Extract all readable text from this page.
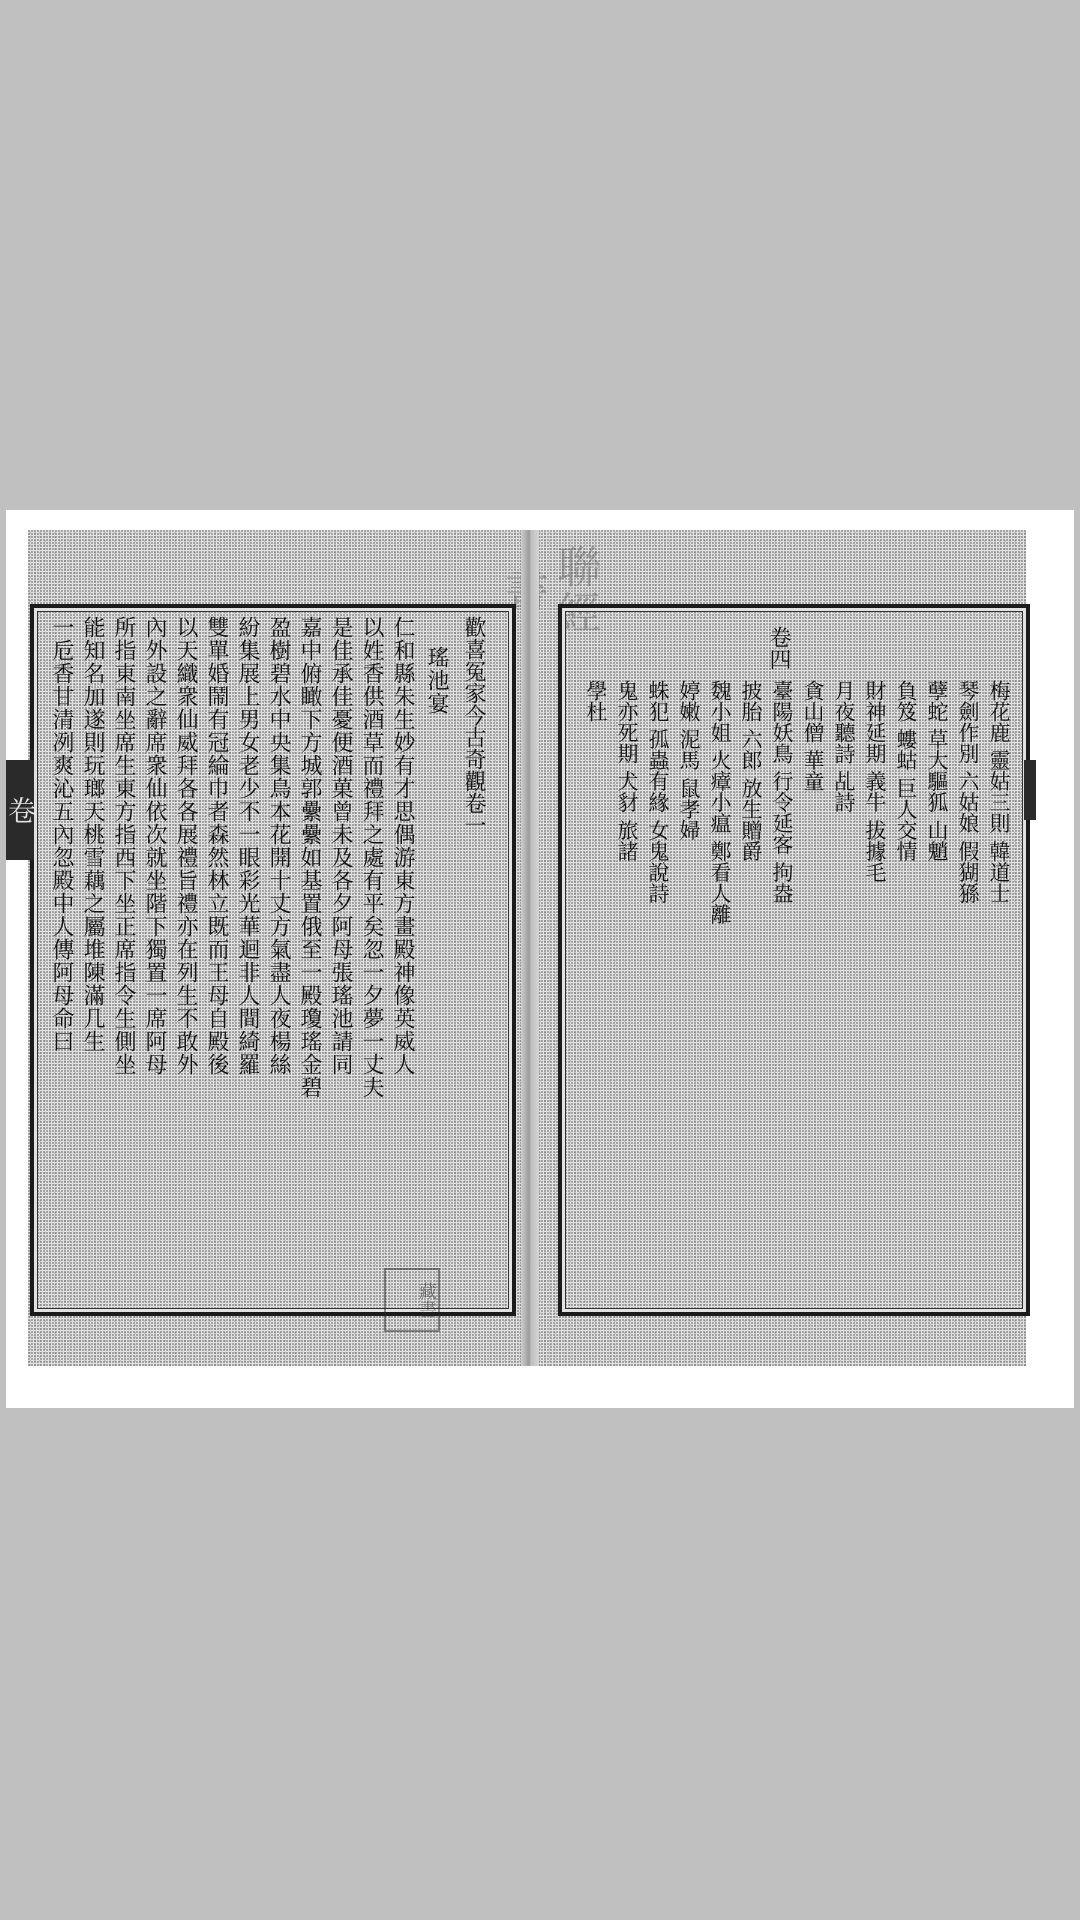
聯經
卷	歡喜冤家今古奇觀卷一
瑤池宴
仁和縣朱生妙有才思偶游東方畫殿神像英威人
以姓香供酒草而禮拜之處有平矣忽一夕夢一丈夫
是佳承佳憂便酒菓曾未及各夕阿母張瑤池請同
嘉中俯瞰下方城郭纍纍如基置俄至一殿瓊瑤金碧
盈樹碧水中央集鳥本花開十丈方氣盡人夜楊絲
紛集展上男女老少不一眼彩光華迴非人間綺羅
雙單婚鬧有冠綸巾者森然林立既而王母自殿後
以天織衆仙威拜各各展禮旨禮亦在列生不敢外
內外設之辭席衆仙依次就坐階下獨置一席阿母
所指東南坐席生東方指西下坐正席指令生側坐
能知名加遂則玩瑯天桃雪藕之屬堆陳滿几生
一卮香甘清冽爽沁五內忽殿中人傳阿母命曰
藏書
卷四
梅花鹿 靈姑三則 韓道士
琴劍作別 六姑娘 假猢猻
孽蛇 草大驅狐 山魈
負笈 螻蛄 巨人交情
財神延期 義牛 拔據毛
月夜聽詩 乩詩
貪山僧 華童
臺陽妖鳥 行令延客 拘盎
披胎 六郎 放生贈爵
魏小姐 火瘴小瘟 鄭看人離
婷嫩 泥馬 鼠孝婦
蛛犯 孤蟲有緣 女鬼說詩
鬼亦死期 犬豺 旅諸
學杜
